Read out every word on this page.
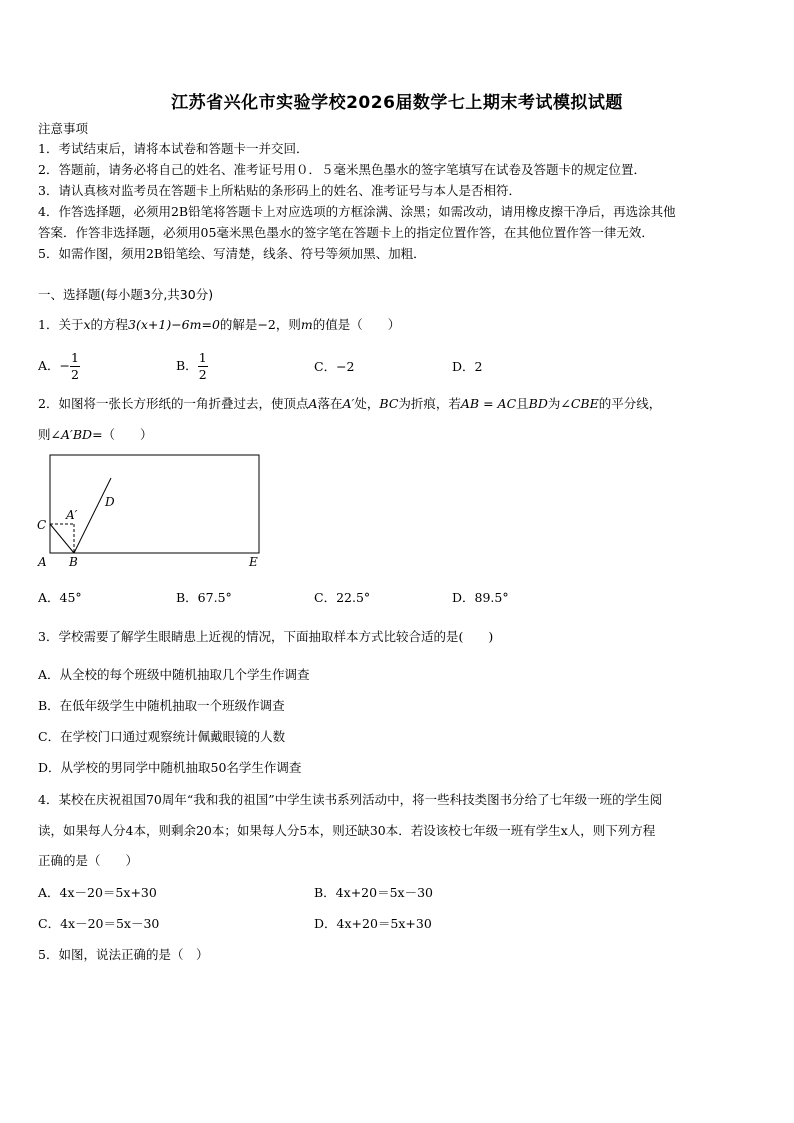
江苏省兴化市实验学校2026届数学七上期末考试模拟试题
注意事项
1．考试结束后，请将本试卷和答题卡一并交回．
2．答题前，请务必将自己的姓名、准考证号用０．５毫米黑色墨水的签字笔填写在试卷及答题卡的规定位置．
3．请认真核对监考员在答题卡上所粘贴的条形码上的姓名、准考证号与本人是否相符．
4．作答选择题，必须用2B铅笔将答题卡上对应选项的方框涂满、涂黑；如需改动，请用橡皮擦干净后，再选涂其他
答案．作答非选择题，必须用05毫米黑色墨水的签字笔在答题卡上的指定位置作答，在其他位置作答一律无效．
5．如需作图，须用2B铅笔绘、写清楚，线条、符号等须加黑、加粗．
一、选择题(每小题3分,共30分)
1．关于x的方程3(x+1)−6m=0的解是−2，则m的值是（　　）
A．− $\frac{1}{2}$	B． $\frac{1}{2}$	C．−2	D．2
2．如图将一张长方形纸的一角折叠过去，使顶点A落在A′处，BC为折痕，若AB = AC且BD为∠CBE的平分线，
则∠A′BD=（　　）
A B
C
D
E
A′
A．45°	B．67.5°	C．22.5°	D．89.5°
3．学校需要了解学生眼睛患上近视的情况，下面抽取样本方式比较合适的是(　　)
A．从全校的每个班级中随机抽取几个学生作调查
B．在低年级学生中随机抽取一个班级作调查
C．在学校门口通过观察统计佩戴眼镜的人数
D．从学校的男同学中随机抽取50名学生作调查
4．某校在庆祝祖国70周年“我和我的祖国”中学生读书系列活动中，将一些科技类图书分给了七年级一班的学生阅
读，如果每人分4本，则剩余20本；如果每人分5本，则还缺30本．若设该校七年级一班有学生x人，则下列方程
正确的是（　　）
A．4x－20＝5x+30	B．4x+20＝5x－30
C．4x－20＝5x－30	D．4x+20＝5x+30
5．如图，说法正确的是（　）
